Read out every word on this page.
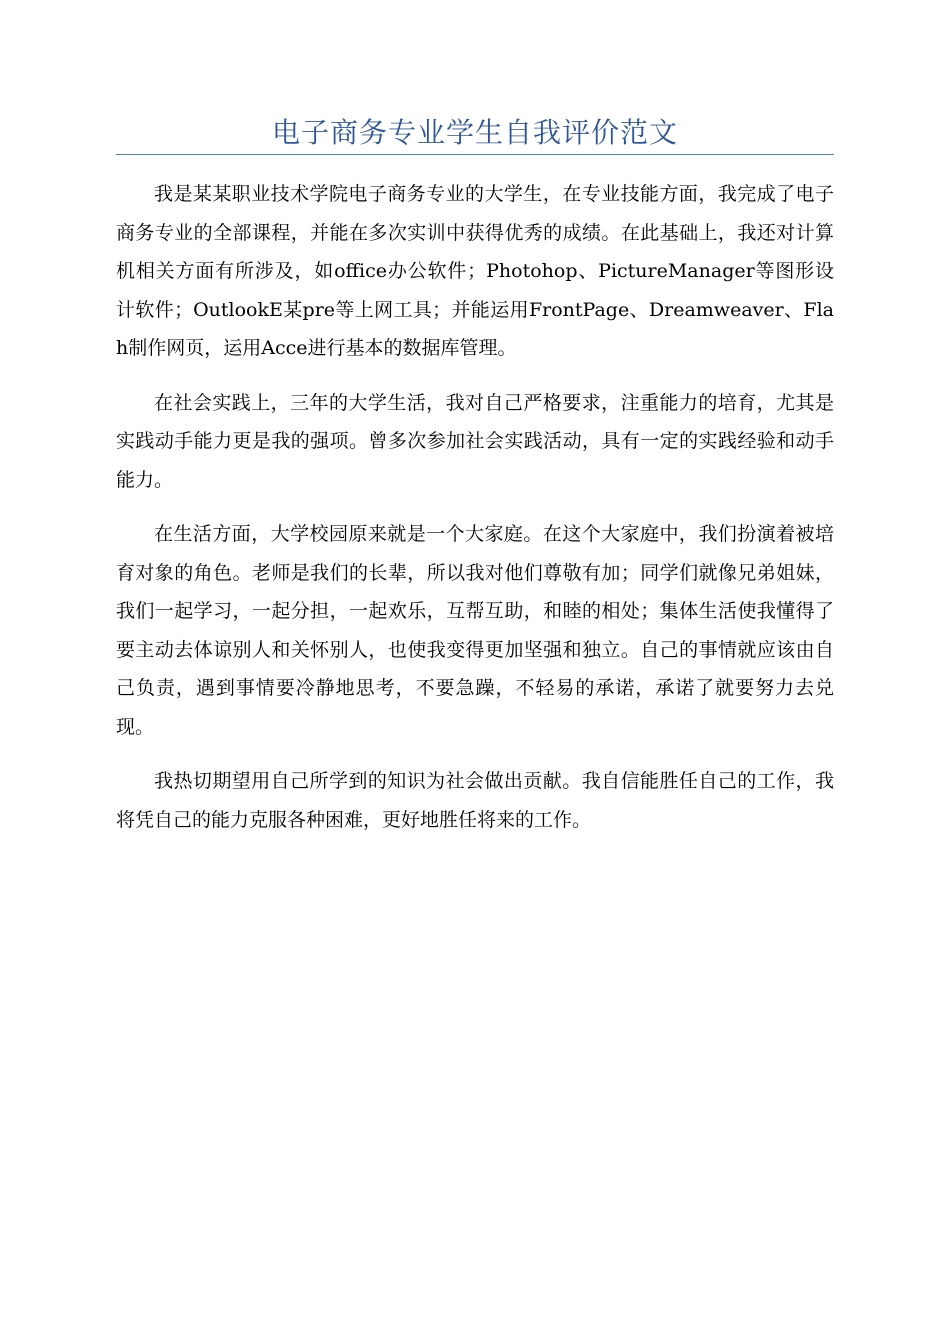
电子商务专业学生自我评价范文

我是某某职业技术学院电子商务专业的大学生，在专业技能方面，我完成了电子商务专业的全部课程，并能在多次实训中获得优秀的成绩。在此基础上，我还对计算机相关方面有所涉及，如office办公软件；Photohop、PictureManager等图形设计软件；OutlookE某pre等上网工具；并能运用FrontPage、Dreamweaver、Flah制作网页，运用Acce进行基本的数据库管理。

在社会实践上，三年的大学生活，我对自己严格要求，注重能力的培育，尤其是实践动手能力更是我的强项。曾多次参加社会实践活动，具有一定的实践经验和动手能力。

在生活方面，大学校园原来就是一个大家庭。在这个大家庭中，我们扮演着被培育对象的角色。老师是我们的长辈，所以我对他们尊敬有加；同学们就像兄弟姐妹，我们一起学习，一起分担，一起欢乐，互帮互助，和睦的相处；集体生活使我懂得了要主动去体谅别人和关怀别人，也使我变得更加坚强和独立。自己的事情就应该由自己负责，遇到事情要冷静地思考，不要急躁，不轻易的承诺，承诺了就要努力去兑现。

我热切期望用自己所学到的知识为社会做出贡献。我自信能胜任自己的工作，我将凭自己的能力克服各种困难，更好地胜任将来的工作。
